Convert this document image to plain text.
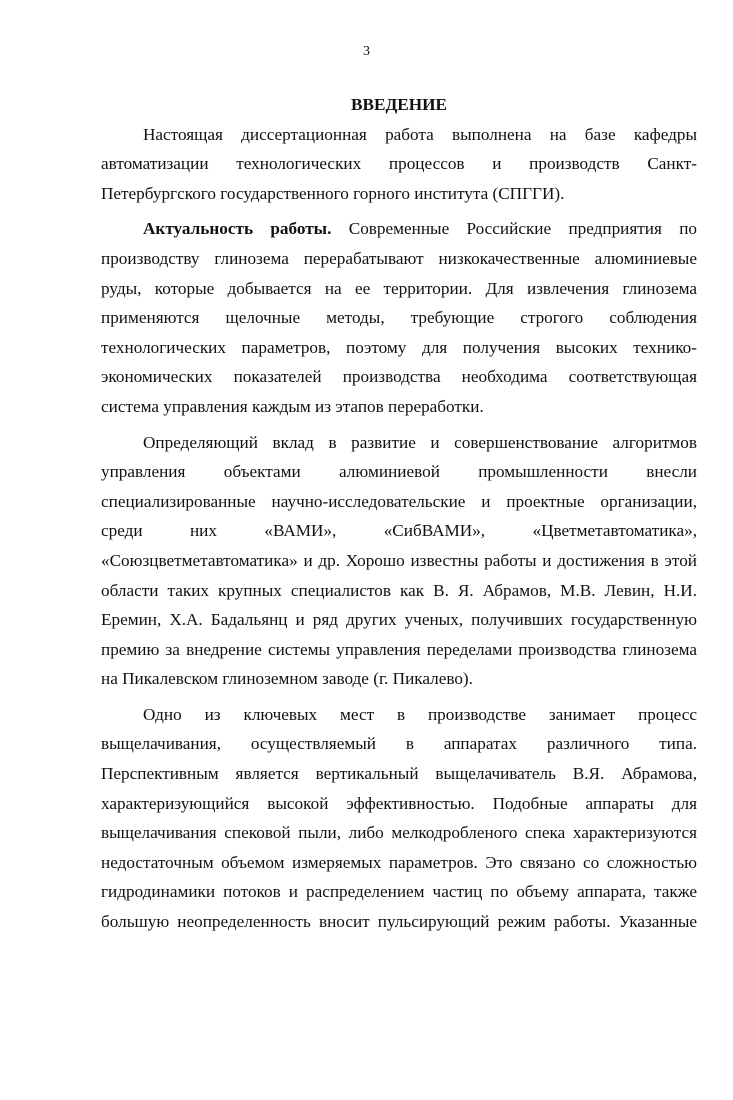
3

ВВЕДЕНИЕ

Настоящая диссертационная работа выполнена на базе кафедры
автоматизации технологических процессов и производств Санкт-
Петербургского государственного горного института (СПГГИ).
Актуальность работы. Современные Российские предприятия по
производству глинозема перерабатывают низкокачественные алюминиевые
руды, которые добывается на ее территории. Для извлечения глинозема
применяются щелочные методы, требующие строгого соблюдения
технологических параметров, поэтому для получения высоких технико-
экономических показателей производства необходима соответствующая
система управления каждым из этапов переработки.
Определяющий вклад в развитие и совершенствование алгоритмов
управления объектами алюминиевой промышленности внесли
специализированные научно-исследовательские и проектные организации,
среди них «ВАМИ», «СибВАМИ», «Цветметавтоматика»,
«Союзцветметавтоматика» и др. Хорошо известны работы и достижения в этой
области таких крупных специалистов как В. Я. Абрамов, М.В. Левин, Н.И.
Еремин, Х.А. Бадальянц и ряд других ученых, получивших государственную
премию за внедрение системы управления переделами производства глинозема
на Пикалевском глиноземном заводе (г. Пикалево).
Одно из ключевых мест в производстве занимает процесс
выщелачивания, осуществляемый в аппаратах различного типа.
Перспективным является вертикальный выщелачиватель В.Я. Абрамова,
характеризующийся высокой эффективностью. Подобные аппараты для
выщелачивания спековой пыли, либо мелкодробленого спека характеризуются
недостаточным объемом измеряемых параметров. Это связано со сложностью
гидродинамики потоков и распределением частиц по объему аппарата, также
большую неопределенность вносит пульсирующий режим работы. Указанные
